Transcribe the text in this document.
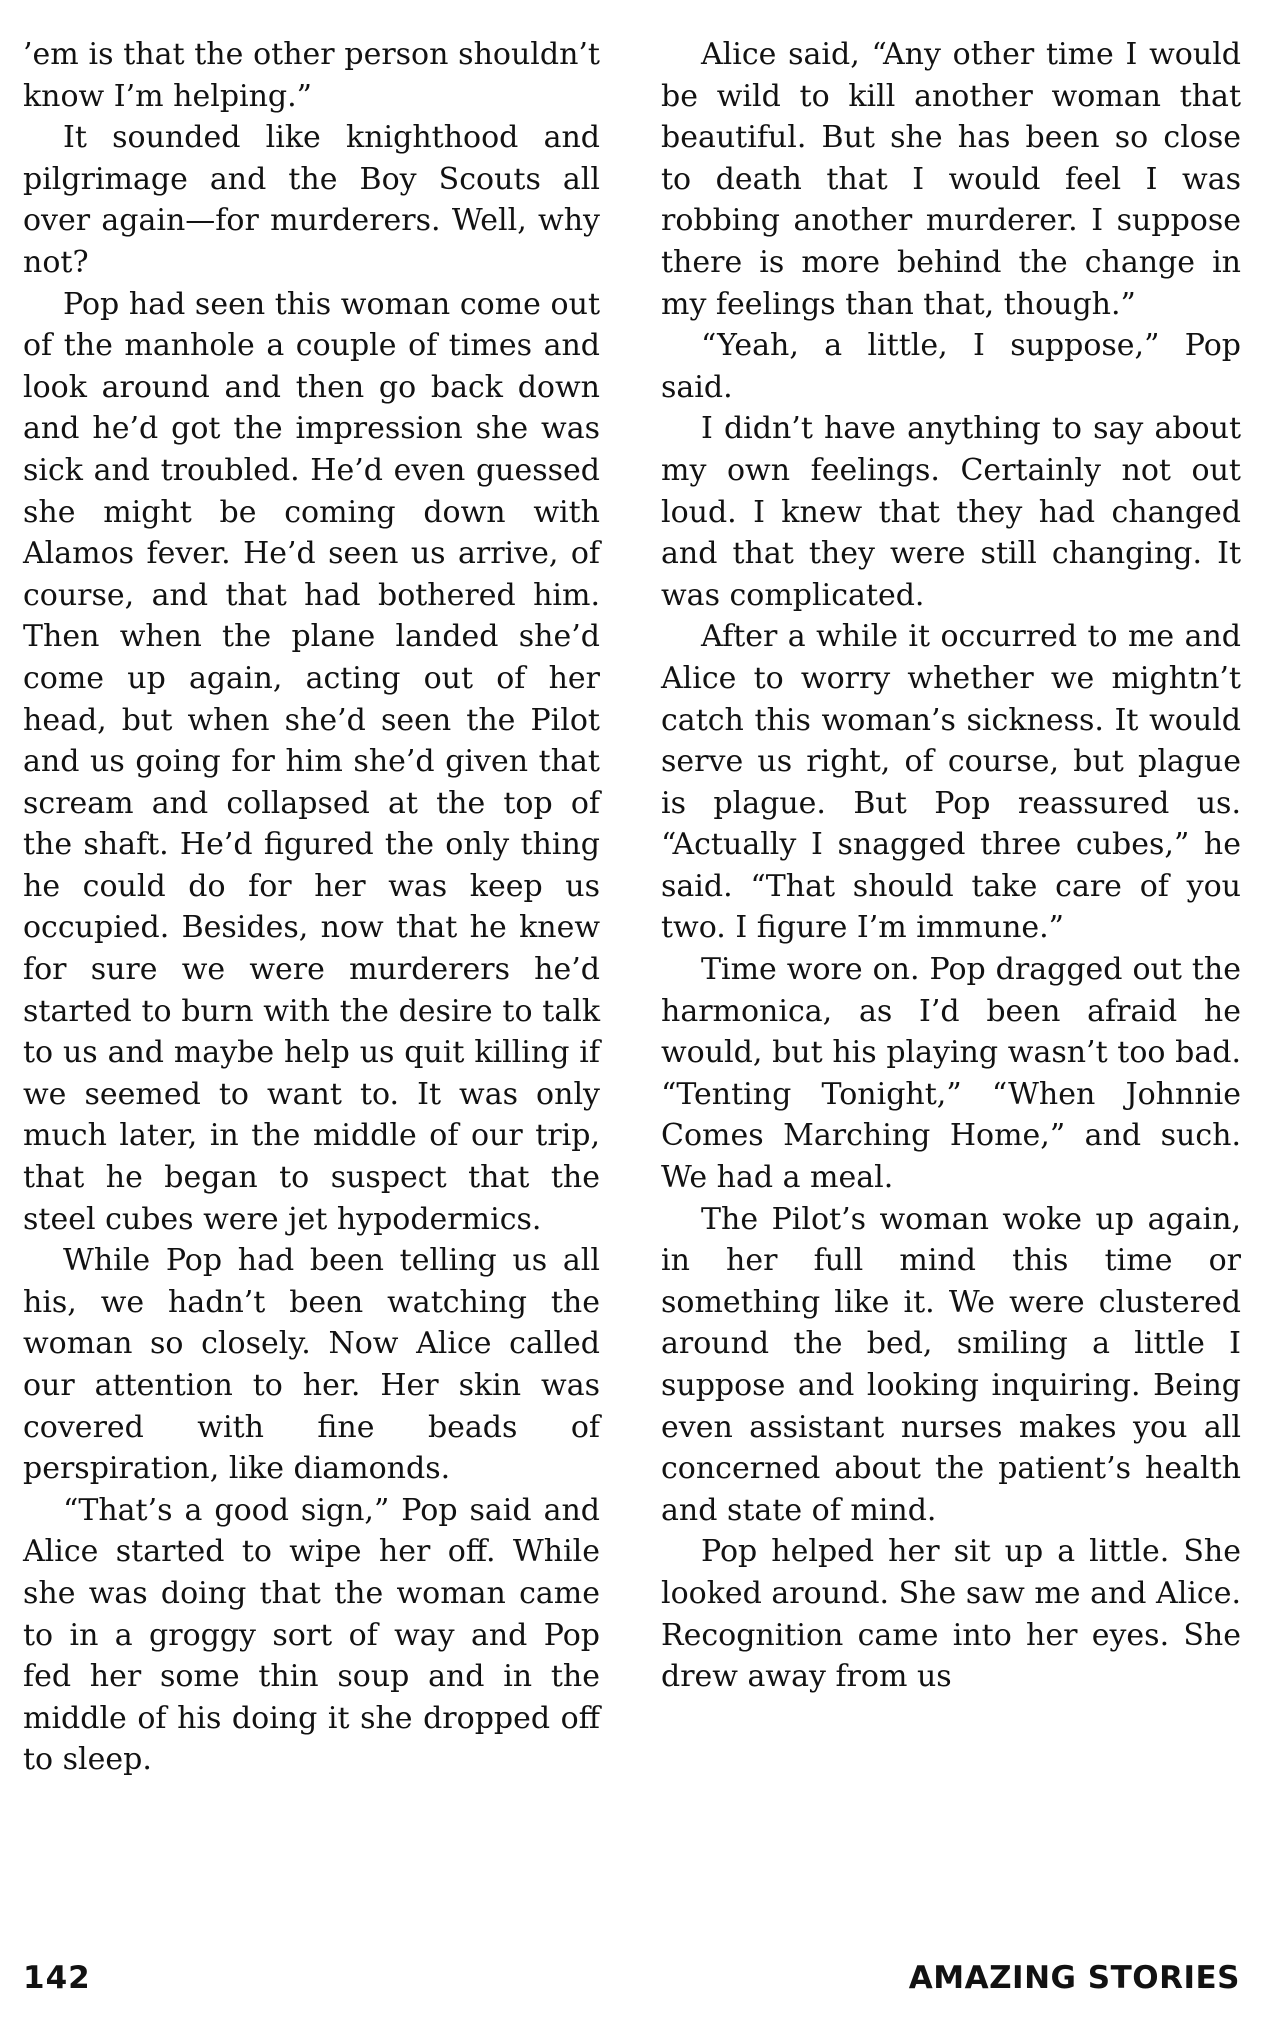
’em is that the other person shouldn’t know I’m helping.”

It sounded like knighthood and pilgrimage and the Boy Scouts all over again—for murderers. Well, why not?

Pop had seen this woman come out of the manhole a couple of times and look around and then go back down and he’d got the impression she was sick and troubled. He’d even guessed she might be coming down with Alamos fever. He’d seen us arrive, of course, and that had bothered him. Then when the plane landed she’d come up again, acting out of her head, but when she’d seen the Pilot and us going for him she’d given that scream and collapsed at the top of the shaft. He’d figured the only thing he could do for her was keep us occupied. Besides, now that he knew for sure we were murderers he’d started to burn with the desire to talk to us and maybe help us quit killing if we seemed to want to. It was only much later, in the middle of our trip, that he began to suspect that the steel cubes were jet hypodermics.

While Pop had been telling us all his, we hadn’t been watching the woman so closely. Now Alice called our attention to her. Her skin was covered with fine beads of perspiration, like diamonds.

“That’s a good sign,” Pop said and Alice started to wipe her off. While she was doing that the woman came to in a groggy sort of way and Pop fed her some thin soup and in the middle of his doing it she dropped off to sleep.

Alice said, “Any other time I would be wild to kill another woman that beautiful. But she has been so close to death that I would feel I was robbing another murderer. I suppose there is more behind the change in my feelings than that, though.”

“Yeah, a little, I suppose,” Pop said.

I didn’t have anything to say about my own feelings. Certainly not out loud. I knew that they had changed and that they were still changing. It was complicated.

After a while it occurred to me and Alice to worry whether we mightn’t catch this woman’s sickness. It would serve us right, of course, but plague is plague. But Pop reassured us. “Actually I snagged three cubes,” he said. “That should take care of you two. I figure I’m immune.”

Time wore on. Pop dragged out the harmonica, as I’d been afraid he would, but his playing wasn’t too bad. “Tenting Tonight,” “When Johnnie Comes Marching Home,” and such. We had a meal.

The Pilot’s woman woke up again, in her full mind this time or something like it. We were clustered around the bed, smiling a little I suppose and looking inquiring. Being even assistant nurses makes you all concerned about the patient’s health and state of mind.

Pop helped her sit up a little. She looked around. She saw me and Alice. Recognition came into her eyes. She drew away from us

142	AMAZING STORIES
